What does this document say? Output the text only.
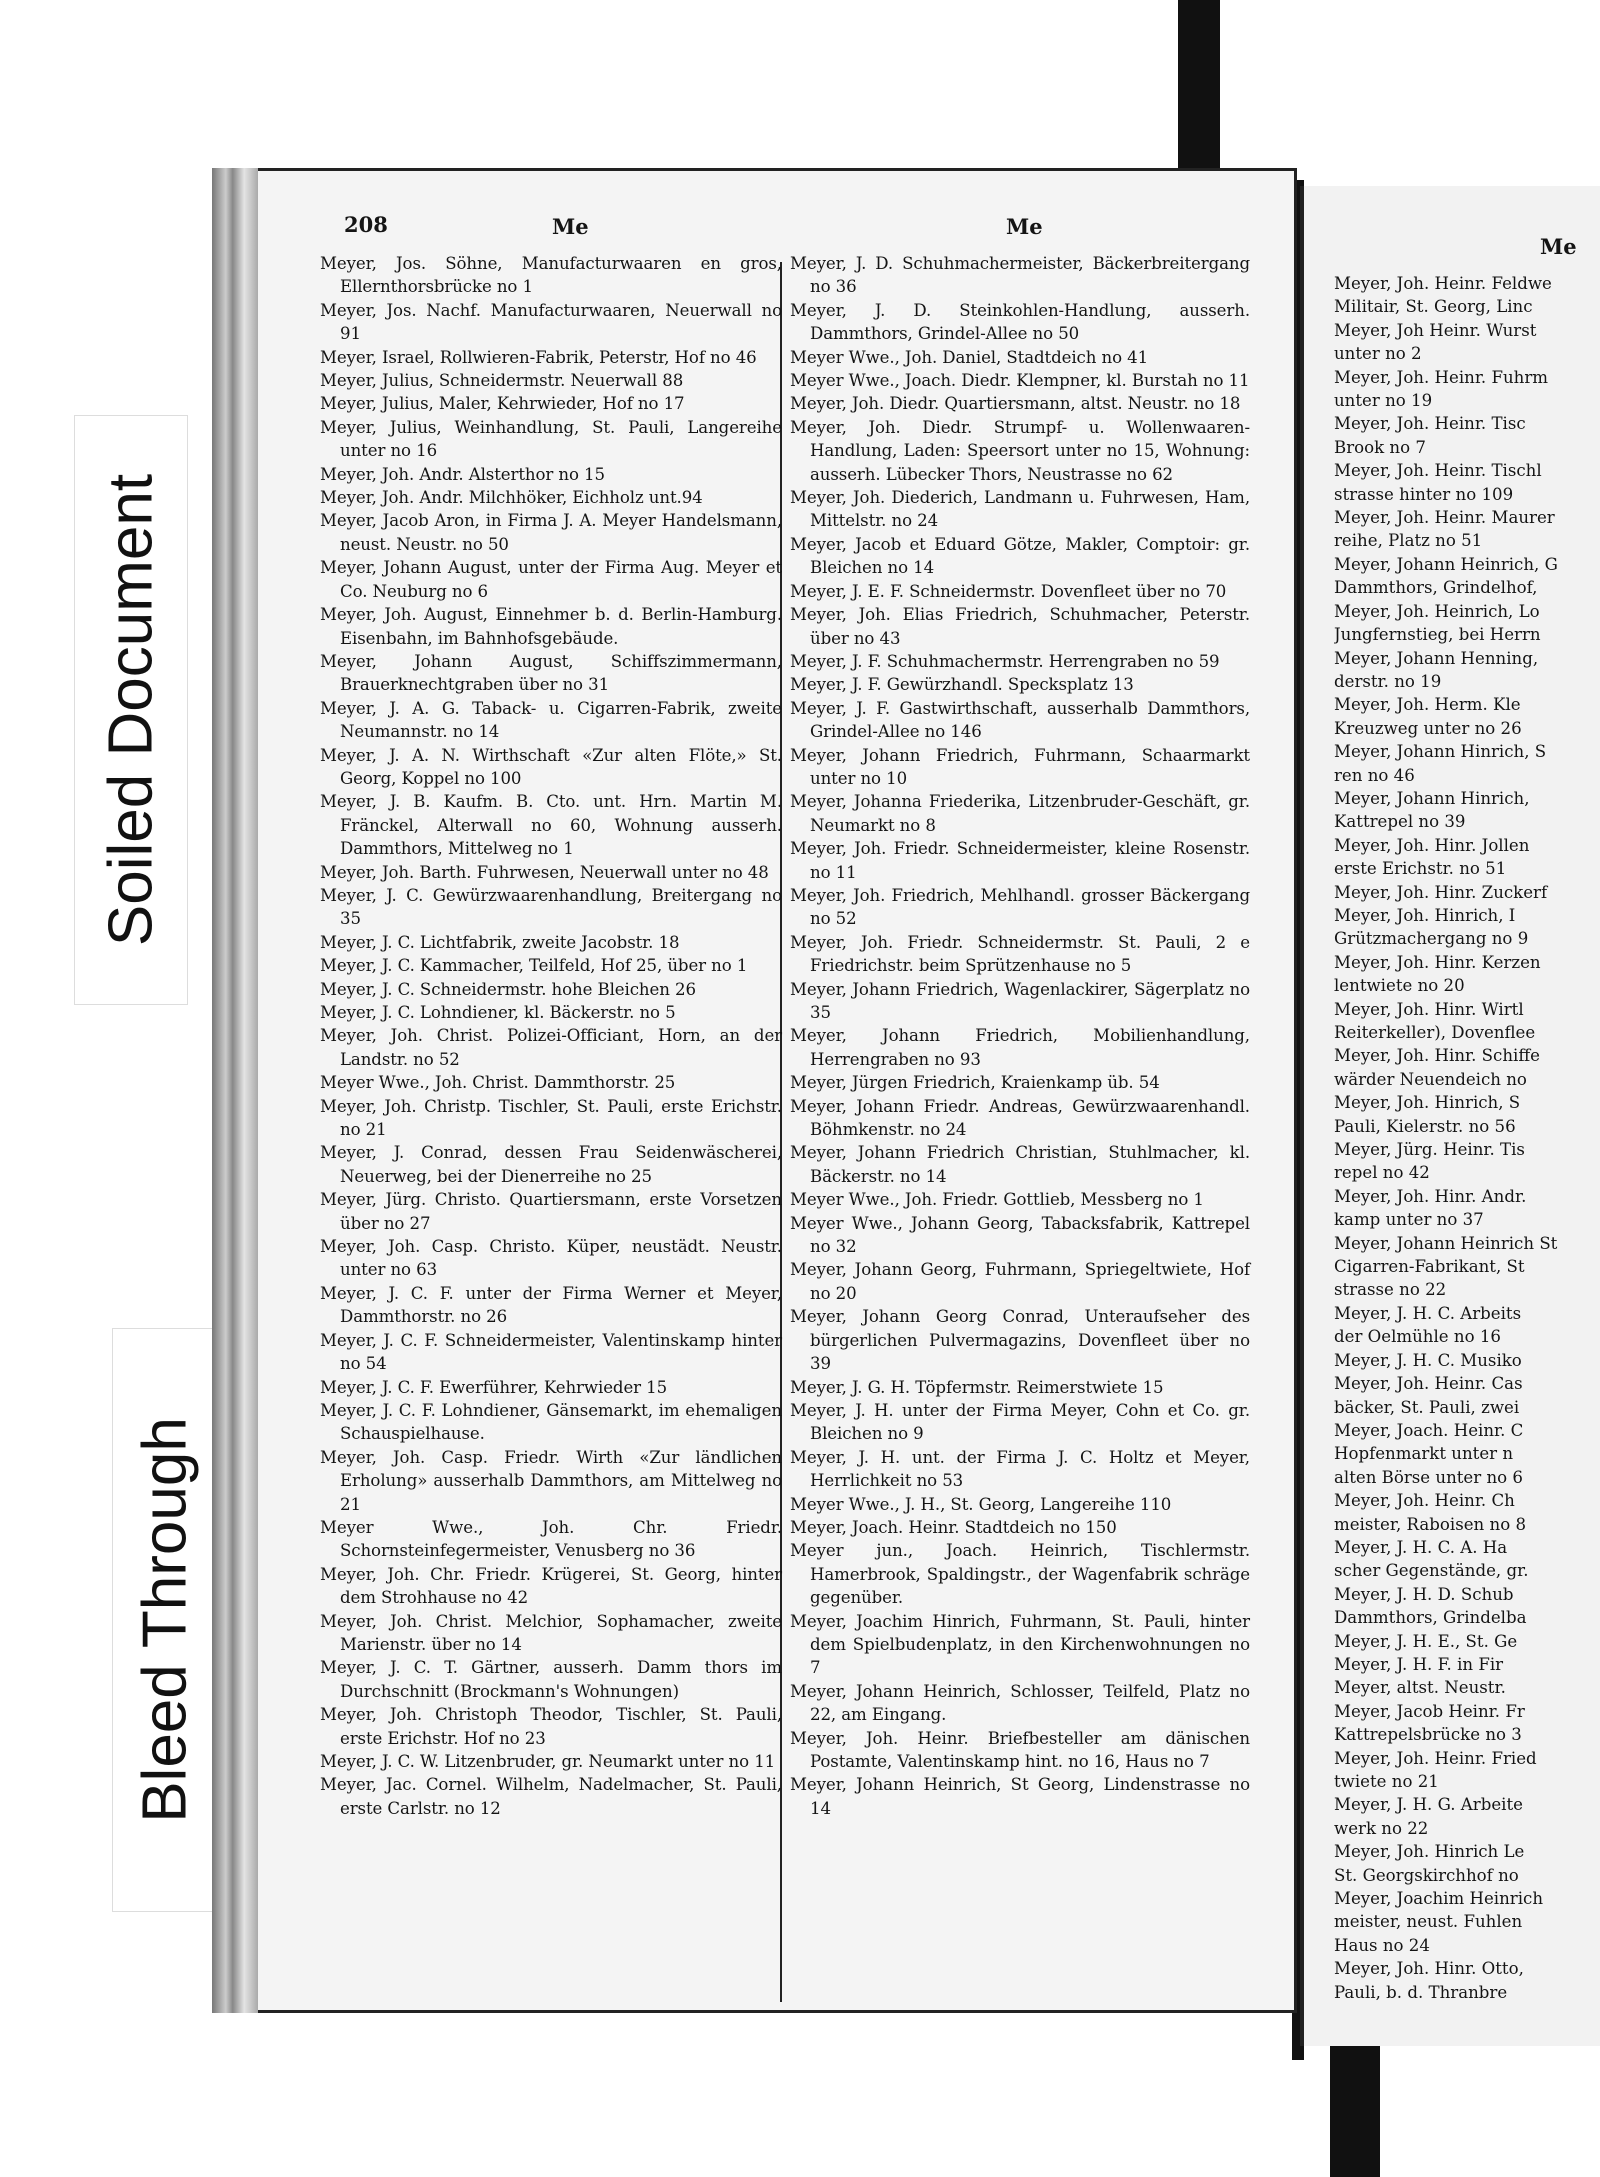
Soiled Document
Bleed Through
208	Me	Me
Me

Meyer, Jos. Söhne, Manufacturwaaren en gros, Ellernthorsbrücke no 1

Meyer, Jos. Nachf. Manufacturwaaren, Neuerwall no 91

Meyer, Israel, Rollwieren-Fabrik, Peterstr, Hof no 46

Meyer, Julius, Schneidermstr. Neuerwall 88

Meyer, Julius, Maler, Kehrwieder, Hof no 17

Meyer, Julius, Weinhandlung, St. Pauli, Langereihe unter no 16

Meyer, Joh. Andr. Alsterthor no 15

Meyer, Joh. Andr. Milchhöker, Eichholz unt.94

Meyer, Jacob Aron, in Firma J. A. Meyer Handelsmann, neust. Neustr. no 50

Meyer, Johann August, unter der Firma Aug. Meyer et Co. Neuburg no 6

Meyer, Joh. August, Einnehmer b. d. Berlin-Hamburg. Eisenbahn, im Bahnhofsgebäude.

Meyer, Johann August, Schiffszimmermann, Brauerknechtgraben über no 31

Meyer, J. A. G. Taback- u. Cigarren-Fabrik, zweite Neumannstr. no 14

Meyer, J. A. N. Wirthschaft «Zur alten Flöte,» St. Georg, Koppel no 100

Meyer, J. B. Kaufm. B. Cto. unt. Hrn. Martin M. Fränckel, Alterwall no 60, Wohnung ausserh. Dammthors, Mittelweg no 1

Meyer, Joh. Barth. Fuhrwesen, Neuerwall unter no 48

Meyer, J. C. Gewürzwaarenhandlung, Breitergang no 35

Meyer, J. C. Lichtfabrik, zweite Jacobstr. 18

Meyer, J. C. Kammacher, Teilfeld, Hof 25, über no 1

Meyer, J. C. Schneidermstr. hohe Bleichen 26

Meyer, J. C. Lohndiener, kl. Bäckerstr. no 5

Meyer, Joh. Christ. Polizei-Officiant, Horn, an der Landstr. no 52

Meyer Wwe., Joh. Christ. Dammthorstr. 25

Meyer, Joh. Christp. Tischler, St. Pauli, erste Erichstr. no 21

Meyer, J. Conrad, dessen Frau Seidenwäscherei, Neuerweg, bei der Dienerreihe no 25

Meyer, Jürg. Christo. Quartiersmann, erste Vorsetzen über no 27

Meyer, Joh. Casp. Christo. Küper, neustädt. Neustr. unter no 63

Meyer, J. C. F. unter der Firma Werner et Meyer, Dammthorstr. no 26

Meyer, J. C. F. Schneidermeister, Valentinskamp hinter no 54

Meyer, J. C. F. Ewerführer, Kehrwieder 15

Meyer, J. C. F. Lohndiener, Gänsemarkt, im ehemaligen Schauspielhause.

Meyer, Joh. Casp. Friedr. Wirth «Zur ländlichen Erholung» ausserhalb Dammthors, am Mittelweg no 21

Meyer Wwe., Joh. Chr. Friedr. Schornsteinfegermeister, Venusberg no 36

Meyer, Joh. Chr. Friedr. Krügerei, St. Georg, hinter dem Strohhause no 42

Meyer, Joh. Christ. Melchior, Sophamacher, zweite Marienstr. über no 14

Meyer, J. C. T. Gärtner, ausserh. Damm thors im Durchschnitt (Brockmann's Wohnungen)

Meyer, Joh. Christoph Theodor, Tischler, St. Pauli, erste Erichstr. Hof no 23

Meyer, J. C. W. Litzenbruder, gr. Neumarkt unter no 11

Meyer, Jac. Cornel. Wilhelm, Nadelmacher, St. Pauli, erste Carlstr. no 12

Meyer, J. D. Schuhmachermeister, Bäckerbreitergang no 36

Meyer, J. D. Steinkohlen-Handlung, ausserh. Dammthors, Grindel-Allee no 50

Meyer Wwe., Joh. Daniel, Stadtdeich no 41

Meyer Wwe., Joach. Diedr. Klempner, kl. Burstah no 11

Meyer, Joh. Diedr. Quartiersmann, altst. Neustr. no 18

Meyer, Joh. Diedr. Strumpf- u. Wollenwaaren-Handlung, Laden: Speersort unter no 15, Wohnung: ausserh. Lübecker Thors, Neustrasse no 62

Meyer, Joh. Diederich, Landmann u. Fuhrwesen, Ham, Mittelstr. no 24

Meyer, Jacob et Eduard Götze, Makler, Comptoir: gr. Bleichen no 14

Meyer, J. E. F. Schneidermstr. Dovenfleet über no 70

Meyer, Joh. Elias Friedrich, Schuhmacher, Peterstr. über no 43

Meyer, J. F. Schuhmachermstr. Herrengraben no 59

Meyer, J. F. Gewürzhandl. Specksplatz 13

Meyer, J. F. Gastwirthschaft, ausserhalb Dammthors, Grindel-Allee no 146

Meyer, Johann Friedrich, Fuhrmann, Schaarmarkt unter no 10

Meyer, Johanna Friederika, Litzenbruder-Geschäft, gr. Neumarkt no 8

Meyer, Joh. Friedr. Schneidermeister, kleine Rosenstr. no 11

Meyer, Joh. Friedrich, Mehlhandl. grosser Bäckergang no 52

Meyer, Joh. Friedr. Schneidermstr. St. Pauli, 2 e Friedrichstr. beim Sprützenhause no 5

Meyer, Johann Friedrich, Wagenlackirer, Sägerplatz no 35

Meyer, Johann Friedrich, Mobilienhandlung, Herrengraben no 93

Meyer, Jürgen Friedrich, Kraienkamp üb. 54

Meyer, Johann Friedr. Andreas, Gewürzwaarenhandl. Böhmkenstr. no 24

Meyer, Johann Friedrich Christian, Stuhlmacher, kl. Bäckerstr. no 14

Meyer Wwe., Joh. Friedr. Gottlieb, Messberg no 1

Meyer Wwe., Johann Georg, Tabacksfabrik, Kattrepel no 32

Meyer, Johann Georg, Fuhrmann, Spriegeltwiete, Hof no 20

Meyer, Johann Georg Conrad, Unteraufseher des bürgerlichen Pulvermagazins, Dovenfleet über no 39

Meyer, J. G. H. Töpfermstr. Reimerstwiete 15

Meyer, J. H. unter der Firma Meyer, Cohn et Co. gr. Bleichen no 9

Meyer, J. H. unt. der Firma J. C. Holtz et Meyer, Herrlichkeit no 53

Meyer Wwe., J. H., St. Georg, Langereihe 110

Meyer, Joach. Heinr. Stadtdeich no 150

Meyer jun., Joach. Heinrich, Tischlermstr. Hamerbrook, Spaldingstr., der Wagenfabrik schräge gegenüber.

Meyer, Joachim Hinrich, Fuhrmann, St. Pauli, hinter dem Spielbudenplatz, in den Kirchenwohnungen no 7

Meyer, Johann Heinrich, Schlosser, Teilfeld, Platz no 22, am Eingang.

Meyer, Joh. Heinr. Briefbesteller am dänischen Postamte, Valentinskamp hint. no 16, Haus no 7

Meyer, Johann Heinrich, St Georg, Lindenstrasse no 14

Meyer, Joh. Heinr. Feldwe

Militair, St. Georg, Linc

Meyer, Joh Heinr. Wurst

unter no 2

Meyer, Joh. Heinr. Fuhrm

unter no 19

Meyer, Joh. Heinr. Tisc

Brook no 7

Meyer, Joh. Heinr. Tischl

strasse hinter no 109

Meyer, Joh. Heinr. Maurer

reihe, Platz no 51

Meyer, Johann Heinrich, G

Dammthors, Grindelhof,

Meyer, Joh. Heinrich, Lo

Jungfernstieg, bei Herrn

Meyer, Johann Henning,

derstr. no 19

Meyer, Joh. Herm. Kle

Kreuzweg unter no 26

Meyer, Johann Hinrich, S

ren no 46

Meyer, Johann Hinrich,

Kattrepel no 39

Meyer, Joh. Hinr. Jollen

erste Erichstr. no 51

Meyer, Joh. Hinr. Zuckerf

Meyer, Joh. Hinrich, I

Grützmachergang no 9

Meyer, Joh. Hinr. Kerzen

lentwiete no 20

Meyer, Joh. Hinr. Wirtl

Reiterkeller), Dovenflee

Meyer, Joh. Hinr. Schiffe

wärder Neuendeich no

Meyer, Joh. Hinrich, S

Pauli, Kielerstr. no 56

Meyer, Jürg. Heinr. Tis

repel no 42

Meyer, Joh. Hinr. Andr.

kamp unter no 37

Meyer, Johann Heinrich St

Cigarren-Fabrikant, St

strasse no 22

Meyer, J. H. C. Arbeits

der Oelmühle no 16

Meyer, J. H. C. Musiko

Meyer, Joh. Heinr. Cas

bäcker, St. Pauli, zwei

Meyer, Joach. Heinr. C

Hopfenmarkt unter n

alten Börse unter no 6

Meyer, Joh. Heinr. Ch

meister, Raboisen no 8

Meyer, J. H. C. A. Ha

scher Gegenstände, gr.

Meyer, J. H. D. Schub

Dammthors, Grindelba

Meyer, J. H. E., St. Ge

Meyer, J. H. F. in Fir

Meyer, altst. Neustr.

Meyer, Jacob Heinr. Fr

Kattrepelsbrücke no 3

Meyer, Joh. Heinr. Fried

twiete no 21

Meyer, J. H. G. Arbeite

werk no 22

Meyer, Joh. Hinrich Le

St. Georgskirchhof no

Meyer, Joachim Heinrich

meister, neust. Fuhlen

Haus no 24

Meyer, Joh. Hinr. Otto,

Pauli, b. d. Thranbre
